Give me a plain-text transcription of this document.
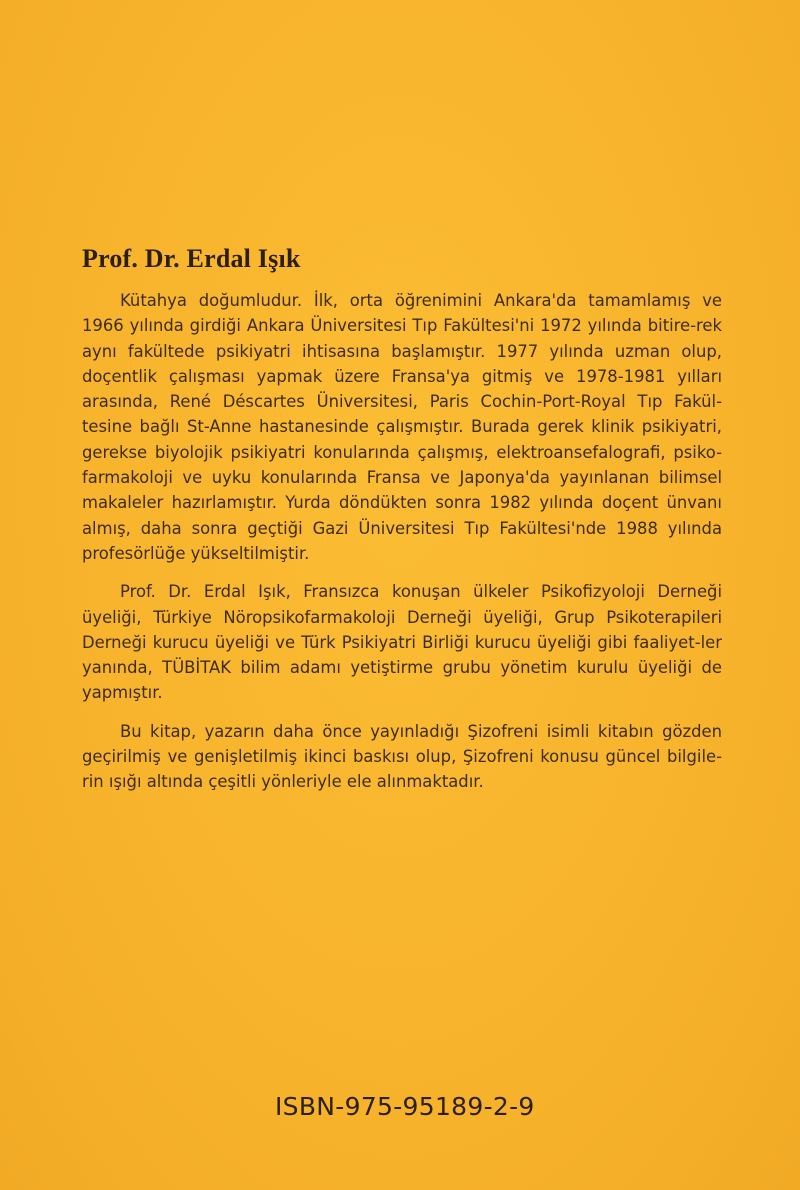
Prof. Dr. Erdal Işık

Kütahya doğumludur. İlk, orta öğrenimini Ankara'da tamamlamış ve 1966 yılında girdiği Ankara Üniversitesi Tıp Fakültesi'ni 1972 yılında bitire-rek aynı fakültede psikiyatri ihtisasına başlamıştır. 1977 yılında uzman olup, doçentlik çalışması yapmak üzere Fransa'ya gitmiş ve 1978-1981 yılları arasında, René Déscartes Üniversitesi, Paris Cochin-Port-Royal Tıp Fakül-tesine bağlı St-Anne hastanesinde çalışmıştır. Burada gerek klinik psikiyatri, gerekse biyolojik psikiyatri konularında çalışmış, elektroansefalografi, psiko-farmakoloji ve uyku konularında Fransa ve Japonya'da yayınlanan bilimsel makaleler hazırlamıştır. Yurda döndükten sonra 1982 yılında doçent ünvanı almış, daha sonra geçtiği Gazi Üniversitesi Tıp Fakültesi'nde 1988 yılında profesörlüğe yükseltilmiştir.

Prof. Dr. Erdal Işık, Fransızca konuşan ülkeler Psikofizyoloji Derneği üyeliği, Türkiye Nöropsikofarmakoloji Derneği üyeliği, Grup Psikoterapileri Derneği kurucu üyeliği ve Türk Psikiyatri Birliği kurucu üyeliği gibi faaliyet-ler yanında, TÜBİTAK bilim adamı yetiştirme grubu yönetim kurulu üyeliği de yapmıştır.

Bu kitap, yazarın daha önce yayınladığı Şizofreni isimli kitabın gözden geçirilmiş ve genişletilmiş ikinci baskısı olup, Şizofreni konusu güncel bilgile-rin ışığı altında çeşitli yönleriyle ele alınmaktadır.

ISBN-975-95189-2-9
